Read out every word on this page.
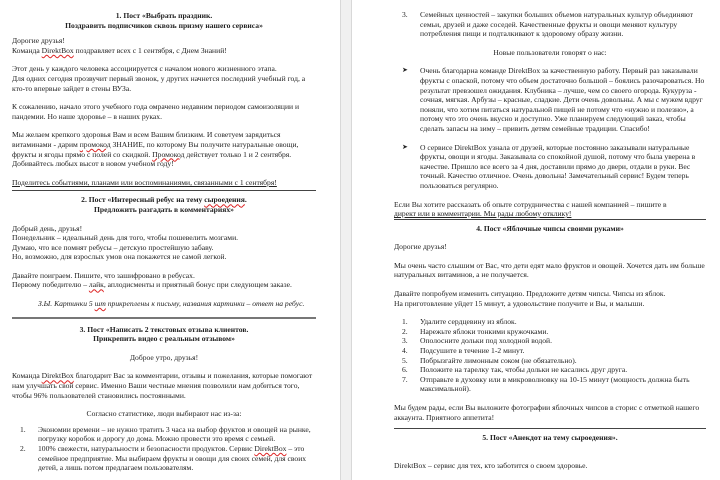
1. Пост «Выбрать праздник.

Поздравить подписчиков сквозь призму нашего сервиса»

Дорогие друзья!

Команда DirektBox поздравляет всех с 1 сентября, с Днем Знаний!

Этот день у каждого человека ассоциируется с началом нового жизненного этапа.

Для одних сегодня прозвучит первый звонок, у других начнется последний учебный год, а кто-то впервые зайдет в стены ВУЗа.

К сожалению, начало этого учебного года омрачено недавним периодом самоизоляции и пандемии. Но наше здоровье – в наших руках.

Мы желаем крепкого здоровья Вам и всем Вашим близким. И советуем зарядиться витаминами - дарим промокод ЗНАНИЕ, по которому Вы получите натуральные овощи, фрукты и ягоды прямо с полей со скидкой. Промокод действует только 1 и 2 сентября. Добивайтесь любых высот в новом учебном году!

Поделитесь событиями, планами или воспоминаниями, связанными с 1 сентября!

2. Пост «Интересный ребус на тему сыроедения.

Предложить разгадать в комментариях»

Добрый день, друзья!

Понедельник – идеальный день для того, чтобы пошевелить мозгами.

Думаю, что все помнят ребусы – детскую простейшую забаву.

Но, возможно, для взрослых умов она покажется не самой легкой.

Давайте поиграем. Пишите, что зашифровано в ребусах.

Первому победителю – лайк, аплодисменты и приятный бонус при следующем заказе.

З.Ы. Картинки 5 шт прикреплены к письму, названия картинки – ответ на ребус.

3. Пост «Написать 2 текстовых отзыва клиентов.

Прикрепить видео с реальным отзывом»

Доброе утро, друзья!

Команда DirektBox благодарит Вас за комментарии, отзывы и пожелания, которые помогают нам улучшать свой сервис. Именно Ваши честные мнения позволили нам добиться того, чтобы 96% пользователей становились постоянными.

Согласно статистике, люди выбирают нас из-за:

1. Экономии времени – не нужно тратить 3 часа на выбор фруктов и овощей на рынке, погрузку коробок и дорогу до дома. Можно провести это время с семьей.
2. 100% свежести, натуральности и безопасности продуктов. Сервис DirektBox – это семейное предприятие. Мы выбираем фрукты и овощи для своих семей, для своих детей, а лишь потом предлагаем пользователям.
3. Семейных ценностей – закупки больших объемов натуральных культур объединяют семьи, друзей и даже соседей. Качественные фрукты и овощи меняют культуру потребления пищи и подталкивают к здоровому образу жизни.

Новые пользователи говорят о нас:

➤ Очень благодарна команде DirektBox за качественную работу. Первый раз заказывали фрукты с опаской, потому что объем достаточно большой – боялись разочароваться. Но результат превзошел ожидания. Клубника – лучше, чем со своего огорода. Кукуруза - сочная, мягкая. Арбузы – красные, сладкие. Дети очень довольны. А мы с мужем вдруг поняли, что хотим питаться натуральной пищей не потому что «нужно и полезно», а потому что это очень вкусно и доступно. Уже планируем следующий заказ, чтобы сделать запасы на зиму – привить детям семейные традиции. Спасибо!
➤ О сервисе DirektBox узнала от друзей, которые постоянно заказывали натуральные фрукты, овощи и ягоды. Заказывала со спокойной душой, потому что была уверена в качестве. Пришло все всего за 4 дня, доставили прямо до двери, отдали в руки. Вес точный. Качество отличное. Очень довольна! Замечательный сервис! Будем теперь пользоваться регулярно.

Если Вы хотите рассказать об опыте сотрудничества с нашей компанией – пишите в

директ или в комментарии. Мы рады любому отклику!

4. Пост «Яблочные чипсы своими руками»

Дорогие друзья!

Мы очень часто слышим от Вас, что дети едят мало фруктов и овощей. Хочется дать им больше натуральных витаминов, а не получается.

Давайте попробуем изменить ситуацию. Предложите детям чипсы. Чипсы из яблок.

На приготовление уйдет 15 минут, а удовольствие получите и Вы, и малыши.

1. Удалите сердцевину из яблок.
2. Нарежьте яблоки тонкими кружочками.
3. Ополосните дольки под холодной водой.
4. Подсушите в течение 1-2 минут.
5. Побрызгайте лимонным соком (не обязательно).
6. Положите на тарелку так, чтобы дольки не касались друг друга.
7. Отправьте в духовку или в микроволновку на 10-15 минут (мощность должна быть максимальной).

Мы будем рады, если Вы выложите фотографии яблочных чипсов в сторис с отметкой нашего аккаунта. Приятного аппетита!

5. Пост «Анекдот на тему сыроедения».

DirektBox – сервис для тех, кто заботится о своем здоровье.
